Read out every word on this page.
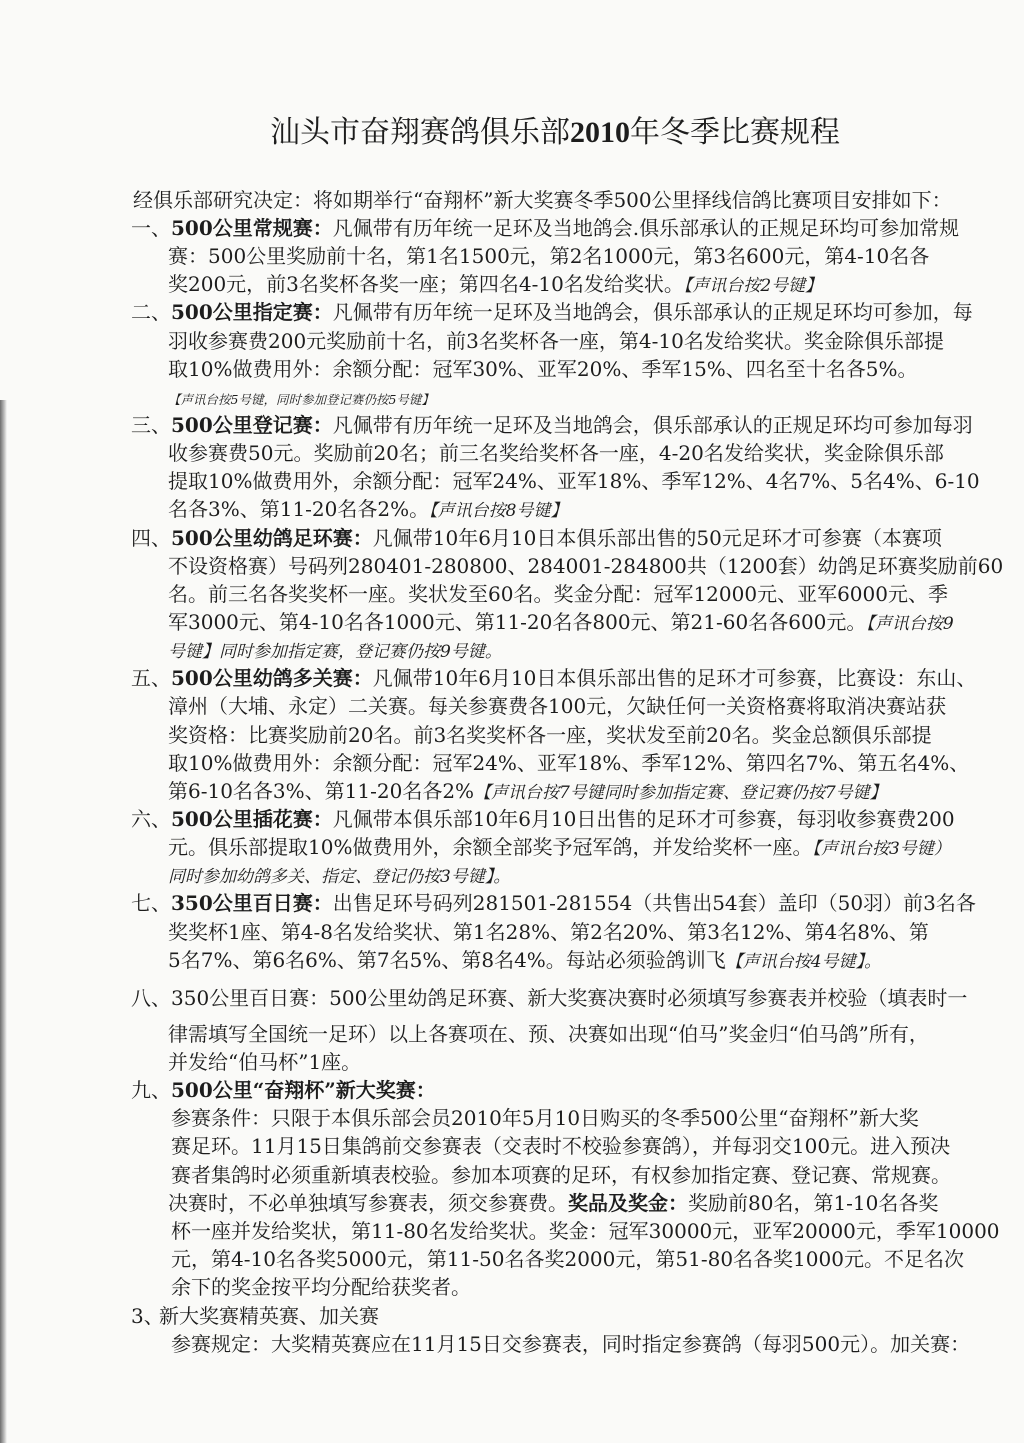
汕头市奋翔赛鸽俱乐部2010年冬季比赛规程
经俱乐部研究决定：将如期举行“奋翔杯”新大奖赛冬季500公里择线信鸽比赛项目安排如下：
一、500公里常规赛：凡佩带有历年统一足环及当地鸽会.俱乐部承认的正规足环均可参加常规
赛：500公里奖励前十名，第1名1500元，第2名1000元，第3名600元，第4-10名各
奖200元，前3名奖杯各奖一座；第四名4-10名发给奖状。【声讯台按2号键】
二、500公里指定赛：凡佩带有历年统一足环及当地鸽会，俱乐部承认的正规足环均可参加，每
羽收参赛费200元奖励前十名，前3名奖杯各一座，第4-10名发给奖状。奖金除俱乐部提
取10%做费用外：余额分配：冠军30%、亚军20%、季军15%、四名至十名各5%。
【声讯台按5号键，同时参加登记赛仍按5号键】
三、500公里登记赛：凡佩带有历年统一足环及当地鸽会，俱乐部承认的正规足环均可参加每羽
收参赛费50元。奖励前20名；前三名奖给奖杯各一座，4-20名发给奖状，奖金除俱乐部
提取10%做费用外，余额分配：冠军24%、亚军18%、季军12%、4名7%、5名4%、6-10
名各3%、第11-20名各2%。【声讯台按8号键】
四、500公里幼鸽足环赛：凡佩带10年6月10日本俱乐部出售的50元足环才可参赛（本赛项
不设资格赛）号码列280401-280800、284001-284800共（1200套）幼鸽足环赛奖励前60
名。前三名各奖奖杯一座。奖状发至60名。奖金分配：冠军12000元、亚军6000元、季
军3000元、第4-10名各1000元、第11-20名各800元、第21-60名各600元。【声讯台按9
号键】同时参加指定赛，登记赛仍按9号键。
五、500公里幼鸽多关赛：凡佩带10年6月10日本俱乐部出售的足环才可参赛，比赛设：东山、
漳州（大埔、永定）二关赛。每关参赛费各100元，欠缺任何一关资格赛将取消决赛站获
奖资格：比赛奖励前20名。前3名奖奖杯各一座，奖状发至前20名。奖金总额俱乐部提
取10%做费用外：余额分配：冠军24%、亚军18%、季军12%、第四名7%、第五名4%、
第6-10名各3%、第11-20名各2%【声讯台按7号键同时参加指定赛、登记赛仍按7号键】
六、500公里插花赛：凡佩带本俱乐部10年6月10日出售的足环才可参赛，每羽收参赛费200
元。俱乐部提取10%做费用外，余额全部奖予冠军鸽，并发给奖杯一座。【声讯台按3号键）
同时参加幼鸽多关、指定、登记仍按3号键】。
七、350公里百日赛：出售足环号码列281501-281554（共售出54套）盖印（50羽）前3名各
奖奖杯1座、第4-8名发给奖状、第1名28%、第2名20%、第3名12%、第4名8%、第
5名7%、第6名6%、第7名5%、第8名4%。每站必须验鸽训飞【声讯台按4号键】。
八、350公里百日赛：500公里幼鸽足环赛、新大奖赛决赛时必须填写参赛表并校验（填表时一
律需填写全国统一足环）以上各赛项在、预、决赛如出现“伯马”奖金归“伯马鸽”所有，
并发给“伯马杯”1座。
九、500公里“奋翔杯”新大奖赛：
参赛条件：只限于本俱乐部会员2010年5月10日购买的冬季500公里“奋翔杯”新大奖
赛足环。11月15日集鸽前交参赛表（交表时不校验参赛鸽），并每羽交100元。进入预决
赛者集鸽时必须重新填表校验。参加本项赛的足环，有权参加指定赛、登记赛、常规赛。
决赛时，不必单独填写参赛表，须交参赛费。奖品及奖金：奖励前80名，第1-10名各奖
杯一座并发给奖状，第11-80名发给奖状。奖金：冠军30000元，亚军20000元，季军10000
元，第4-10名各奖5000元，第11-50名各奖2000元，第51-80名各奖1000元。不足名次
余下的奖金按平均分配给获奖者。
3、新大奖赛精英赛、加关赛
参赛规定：大奖精英赛应在11月15日交参赛表，同时指定参赛鸽（每羽500元）。加关赛：
